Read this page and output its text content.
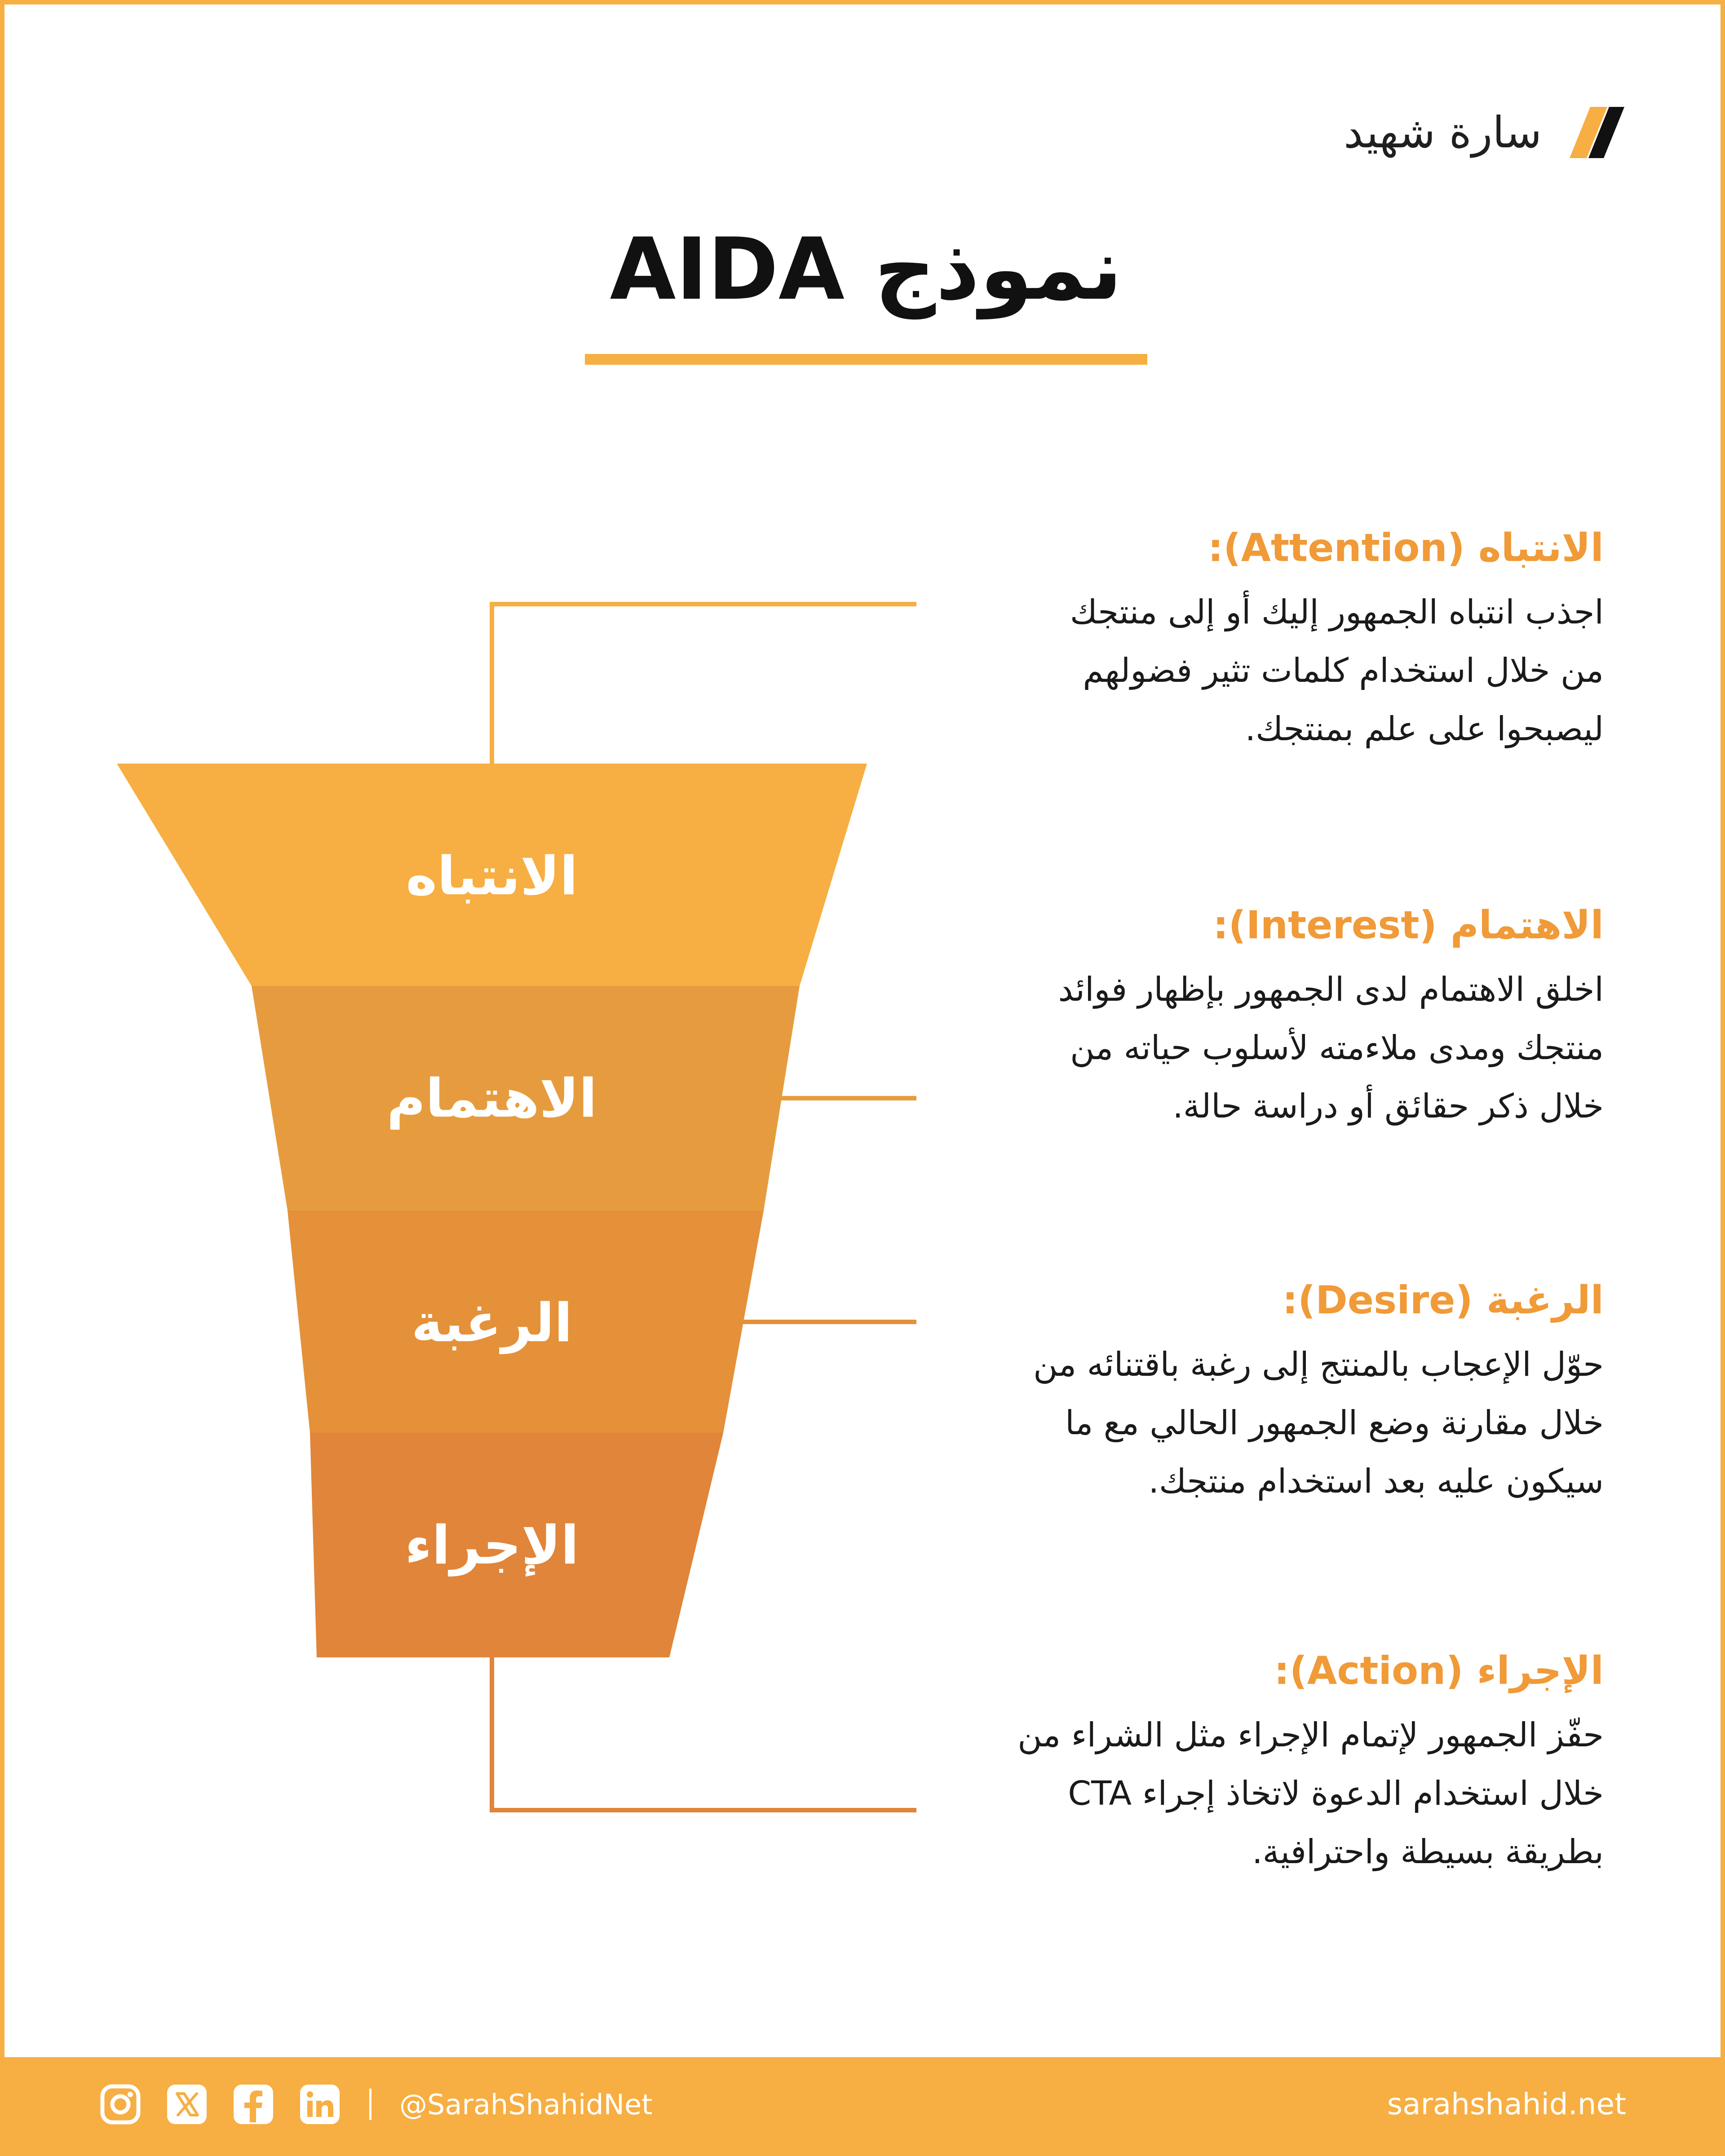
سارة شهيد
نموذج AIDA
الانتباه
الاهتمام
الرغبة
الإجراء
الانتباه (Attention):
اجذب انتباه الجمهور إليك أو إلى منتجك
من خلال استخدام كلمات تثير فضولهم
ليصبحوا على علم بمنتجك.
الاهتمام (Interest):
اخلق الاهتمام لدى الجمهور بإظهار فوائد
منتجك ومدى ملاءمته لأسلوب حياته من
خلال ذكر حقائق أو دراسة حالة.
الرغبة (Desire):
حوّل الإعجاب بالمنتج إلى رغبة باقتنائه من
خلال مقارنة وضع الجمهور الحالي مع ما
سيكون عليه بعد استخدام منتجك.
الإجراء (Action):
حفّز الجمهور لإتمام الإجراء مثل الشراء من
خلال استخدام الدعوة لاتخاذ إجراء CTA
بطريقة بسيطة واحترافية.
@SarahShahidNet	sarahshahid.net
